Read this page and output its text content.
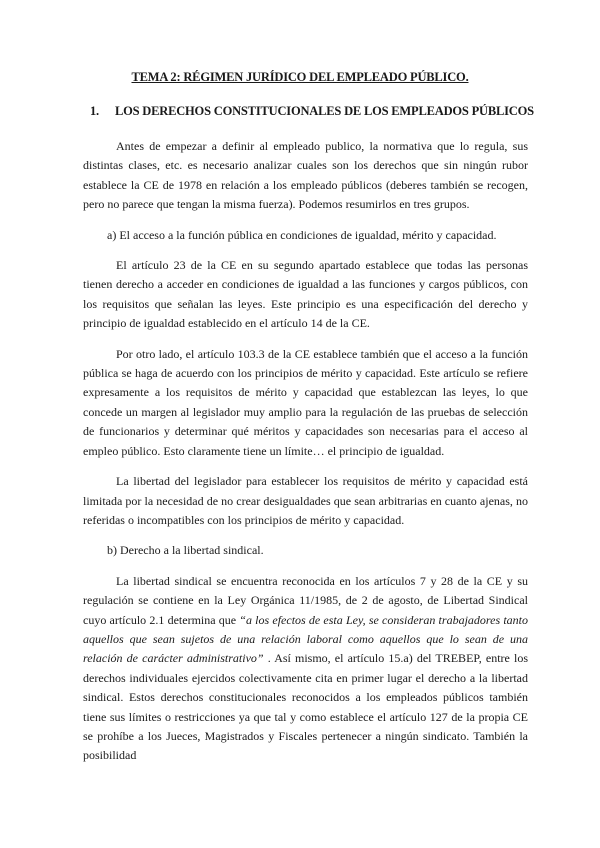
TEMA 2: RÉGIMEN JURÍDICO DEL EMPLEADO PÚBLICO.
1. LOS DERECHOS CONSTITUCIONALES DE LOS EMPLEADOS PÚBLICOS

Antes de empezar a definir al empleado publico, la normativa que lo regula, sus distintas clases, etc. es necesario analizar cuales son los derechos que sin ningún rubor establece la CE de 1978 en relación a los empleado públicos (deberes también se recogen, pero no parece que tengan la misma fuerza). Podemos resumirlos en tres grupos.

a) El acceso a la función pública en condiciones de igualdad, mérito y capacidad.

El artículo 23 de la CE en su segundo apartado establece que todas las personas tienen derecho a acceder en condiciones de igualdad a las funciones y cargos públicos, con los requisitos que señalan las leyes. Este principio es una especificación del derecho y principio de igualdad establecido en el artículo 14 de la CE.

Por otro lado, el artículo 103.3 de la CE establece también que el acceso a la función pública se haga de acuerdo con los principios de mérito y capacidad. Este artículo se refiere expresamente a los requisitos de mérito y capacidad que establezcan las leyes, lo que concede un margen al legislador muy amplio para la regulación de las pruebas de selección de funcionarios y determinar qué méritos y capacidades son necesarias para el acceso al empleo público. Esto claramente tiene un límite… el principio de igualdad.

La libertad del legislador para establecer los requisitos de mérito y capacidad está limitada por la necesidad de no crear desigualdades que sean arbitrarias en cuanto ajenas, no referidas o incompatibles con los principios de mérito y capacidad.

b) Derecho a la libertad sindical.

La libertad sindical se encuentra reconocida en los artículos 7 y 28 de la CE y su regulación se contiene en la Ley Orgánica 11/1985, de 2 de agosto, de Libertad Sindical cuyo artículo 2.1 determina que “a los efectos de esta Ley, se consideran trabajadores tanto aquellos que sean sujetos de una relación laboral como aquellos que lo sean de una relación de carácter administrativo” . Así mismo, el artículo 15.a) del TREBEP, entre los derechos individuales ejercidos colectivamente cita en primer lugar el derecho a la libertad sindical. Estos derechos constitucionales reconocidos a los empleados públicos también tiene sus límites o restricciones ya que tal y como establece el artículo 127 de la propia CE se prohíbe a los Jueces, Magistrados y Fiscales pertenecer a ningún sindicato. También la posibilidad
